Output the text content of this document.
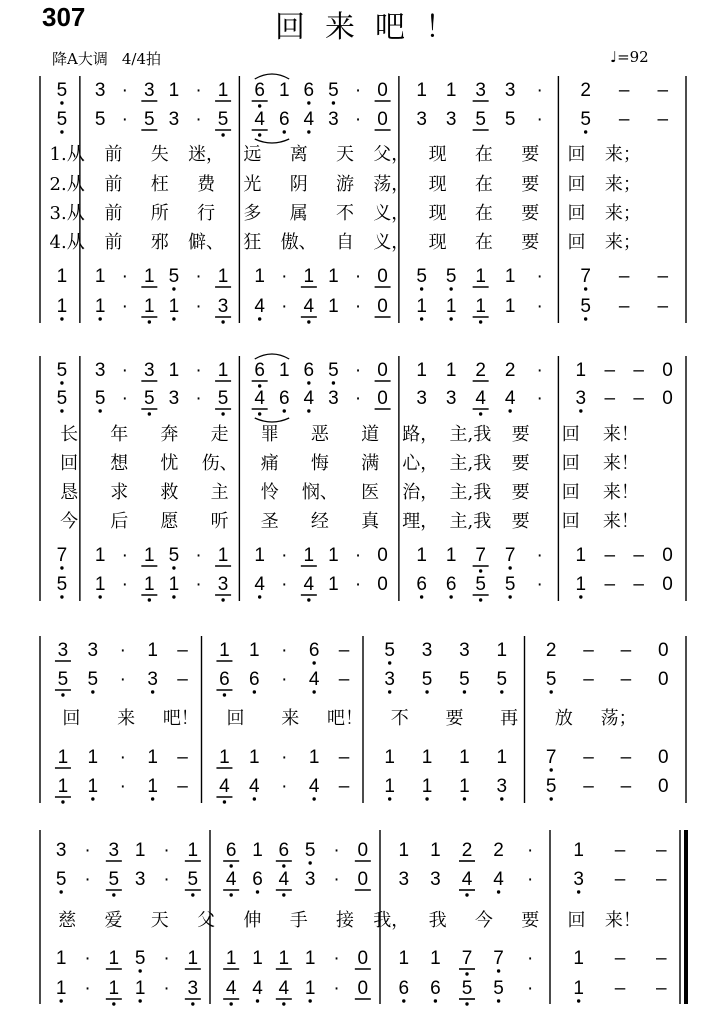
307	回来吧！
降A大调 4/4拍	♩=92
5
5
1
1
3 · 3 1 · 1
5 · 5 3 · 5
1 · 1 5 · 1
1 · 1 1 · 3
6 1 6 5 · 0
4 6 4 3 · 0
1 · 1 1 · 0
4 · 4 1 · 0
1 1 3 3 ·
3 3 5 5 ·
5 5 1 1 ·
1 1 1 1 ·
2 – –
5 – –
7 – –
5 – –
1.从 前 失 迷， 远 离 天 父， 现 在 要 回 来；
2.从 前 枉 费 光 阴 游 荡， 现 在 要 回 来；
3.从 前 所 行 多 属 不 义， 现 在 要 回 来；
4.从 前 邪 僻、 狂 傲、 自 义， 现 在 要 回 来；
5
5
7
5
3 · 3 1 · 1
5 · 5 3 · 5
1 · 1 5 · 1
1 · 1 1 · 3
6 1 6 5 · 0
4 6 4 3 · 0
1 · 1 1 · 0
4 · 4 1 · 0
1 1 2 2 ·
3 3 4 4 ·
1 1 7 7 ·
6 6 5 5 ·
1 – – 0
3 – – 0
1 – – 0
1 – – 0
长 年 奔 走 罪 恶 道 路， 主,我 要 回 来！
回 想 忧 伤、 痛 悔 满 心， 主,我 要 回 来！
恳 求 救 主 怜 悯、 医 治， 主,我 要 回 来！
今 后 愿 听 圣 经 真 理， 主,我 要 回 来！
3 3 · 1 –
5 5 · 3 –
1 1 · 1 –
1 1 · 1 –
1 1 · 6 –
6 6 · 4 –
1 1 · 1 –
4 4 · 4 –
5 3 3 1
3 5 5 5
1 1 1 1
1 1 1 3
2 – – 0
5 – – 0
7 – – 0
5 – – 0
回 来 吧！ 回 来 吧！ 不 要 再 放 荡；
3 · 3 1 · 1
5 · 5 3 · 5
1 · 1 5 · 1
1 · 1 1 · 3
6 1 6 5 · 0
4 6 4 3 · 0
1 1 1 1 · 0
4 4 4 1 · 0
1 1 2 2 ·
3 3 4 4 ·
1 1 7 7 ·
6 6 5 5 ·
1 – –
3 – –
1 – –
1 – –
慈 爱 天 父 伸 手 接 我， 我 今 要 回 来！
